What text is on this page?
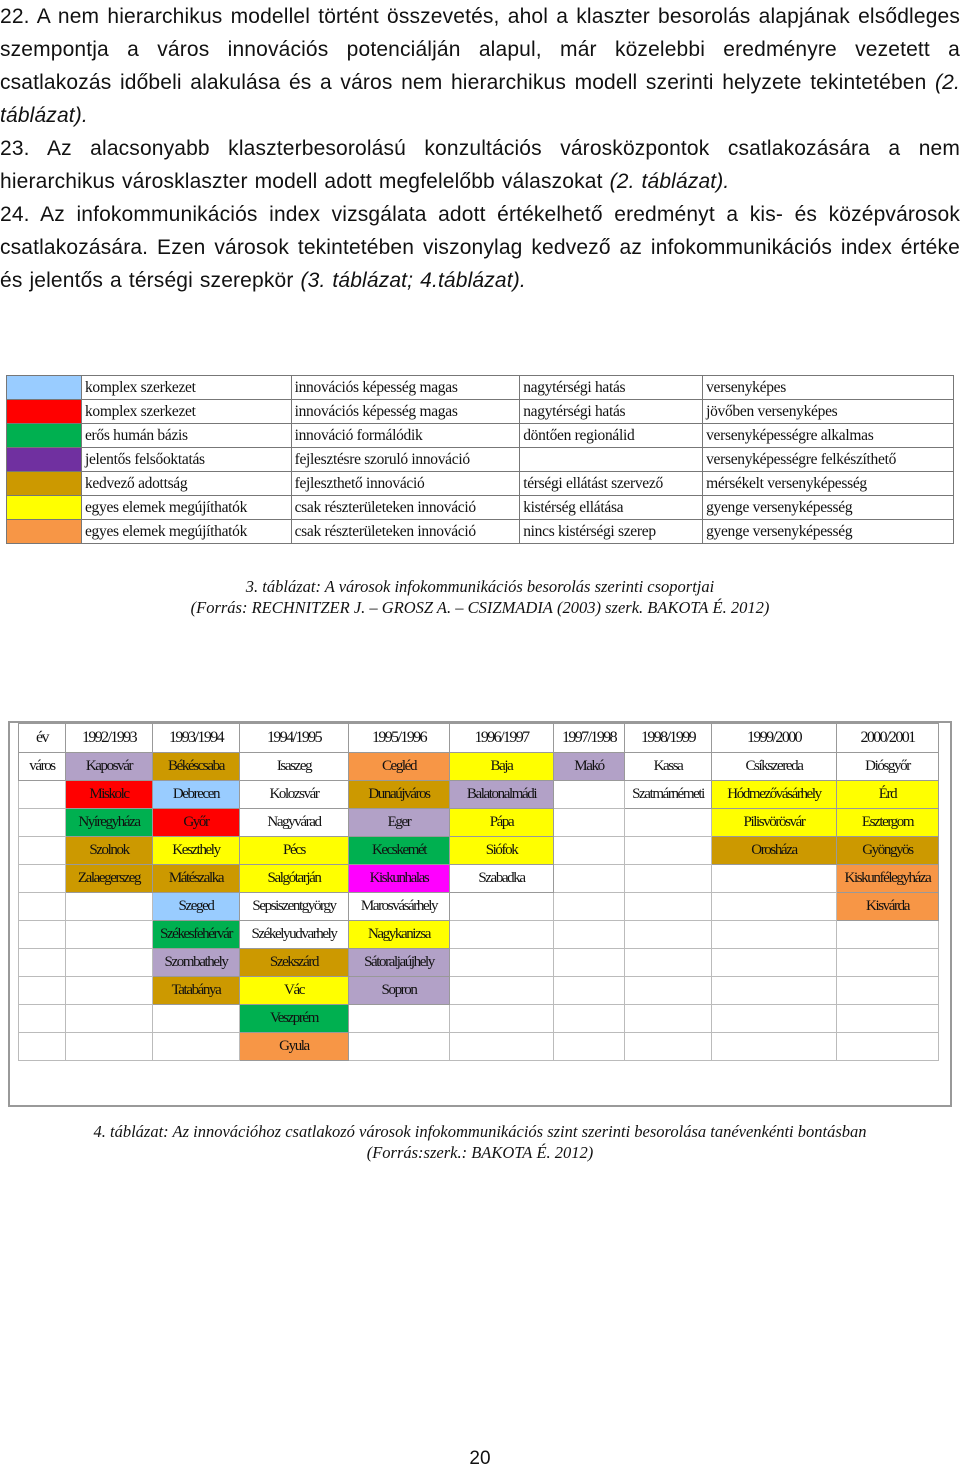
22. A nem hierarchikus modellel történt összevetés, ahol a klaszter besorolás alapjának elsődleges szempontja a város innovációs potenciálján alapul, már közelebbi eredményre vezetett a csatlakozás időbeli alakulása és a város nem hierarchikus modell szerinti helyzete tekintetében (2. táblázat).

23. Az alacsonyabb klaszterbesorolású konzultációs városközpontok csatlakozására a nem hierarchikus városklaszter modell adott megfelelőbb válaszokat (2. táblázat).

24. Az infokommunikációs index vizsgálata adott értékelhető eredményt a kis- és középvárosok csatlakozására. Ezen városok tekintetében viszonylag kedvező az infokommunikációs index értéke és jelentős a térségi szerepkör (3. táblázat; 4.táblázat).

	komplex szerkezet	innovációs képesség magas	nagytérségi hatás	versenyképes
	komplex szerkezet	innovációs képesség magas	nagytérségi hatás	jövőben versenyképes
	erős humán bázis	innováció formálódik	döntően regionálid	versenyképességre alkalmas
	jelentős felsőoktatás	fejlesztésre szoruló innováció		versenyképességre felkészíthető
	kedvező adottság	fejleszthető innováció	térségi ellátást szervező	mérsékelt versenyképesség
	egyes elemek megújíthatók	csak részterületeken innováció	kistérség ellátása	gyenge versenyképesség
	egyes elemek megújíthatók	csak részterületeken innováció	nincs kistérségi szerep	gyenge versenyképesség

3. táblázat: A városok infokommunikációs besorolás szerinti csoportjai
(Forrás: RECHNITZER J. – GROSZ A. – CSIZMADIA (2003) szerk. BAKOTA É. 2012)

év	1992/1993	1993/1994	1994/1995	1995/1996	1996/1997	1997/1998	1998/1999	1999/2000	2000/2001
város	Kaposvár	Békéscsaba	Isaszeg	Cegléd	Baja	Makó	Kassa	Csíkszereda	Diósgyőr
	Miskolc	Debrecen	Kolozsvár	Dunaújváros	Balatonalmádi		Szatmárnémeti	Hódmezővásárhely	Érd
	Nyíregyháza	Győr	Nagyvárad	Eger	Pápa			Pilisvörösvár	Esztergom
	Szolnok	Keszthely	Pécs	Kecskemét	Siófok			Orosháza	Gyöngyös
	Zalaegerszeg	Mátészalka	Salgótarján	Kiskunhalas	Szabadka				Kiskunfélegyháza
		Szeged	Sepsiszentgyörgy	Marosvásárhely					Kisvárda
		Székesfehérvár	Székelyudvarhely	Nagykanizsa					
		Szombathely	Szekszárd	Sátoraljaújhely					
		Tatabánya	Vác	Sopron					
			Veszprém						
			Gyula						

4. táblázat: Az innovációhoz csatlakozó városok infokommunikációs szint szerinti besorolása tanévenkénti bontásban
(Forrás:szerk.: BAKOTA É. 2012)

20
